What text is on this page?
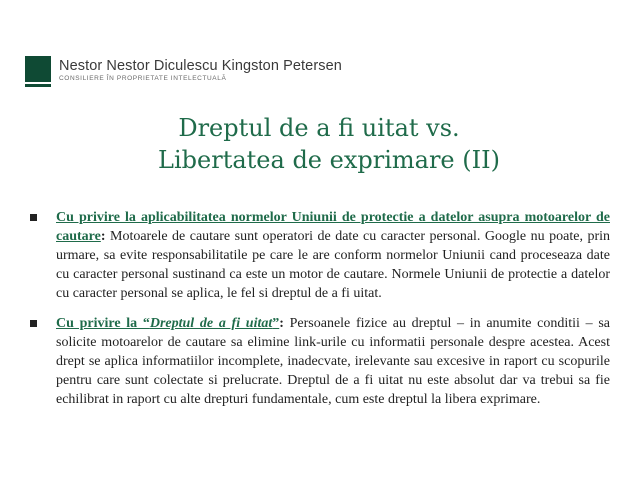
Nestor Nestor Diculescu Kingston Petersen
CONSILIERE ÎN PROPRIETATE INTELECTUALĂ
Dreptul de a fi uitat vs.
Libertatea de exprimare (II)
Cu privire la aplicabilitatea normelor Uniunii de protectie a datelor asupra motoarelor de cautare: Motoarele de cautare sunt operatori de date cu caracter personal. Google nu poate, prin urmare, sa evite responsabilitatile pe care le are conform normelor Uniunii cand proceseaza date cu caracter personal sustinand ca este un motor de cautare. Normele Uniunii de protectie a datelor cu caracter personal se aplica, le fel si dreptul de a fi uitat.
Cu privire la “Dreptul de a fi uitat”: Persoanele fizice au dreptul – in anumite conditii – sa solicite motoarelor de cautare sa elimine link-urile cu informatii personale despre acestea. Acest drept se aplica informatiilor incomplete, inadecvate, irelevante sau excesive in raport cu scopurile pentru care sunt colectate si prelucrate. Dreptul de a fi uitat nu este absolut dar va trebui sa fie echilibrat in raport cu alte drepturi fundamentale, cum este dreptul la libera exprimare.
